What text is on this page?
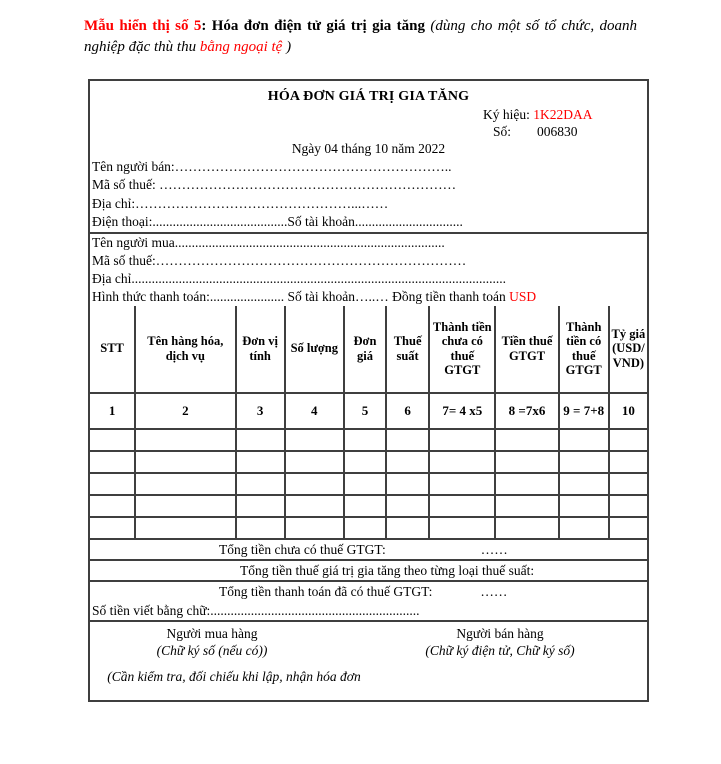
Mẫu hiển thị số 5: Hóa đơn điện tử giá trị gia tăng (dùng cho một số tổ chức, doanh nghiệp đặc thù thu bằng ngoại tệ )

HÓA ĐƠN GIÁ TRỊ GIA TĂNG
Ký hiệu: 1K22DAA
Số: 006830
Ngày 04 tháng 10 năm 2022
Tên người bán:……………………………………………………..
Mã số thuế: …………………………………………………………
Địa chỉ:…………………………………………...……
Điện thoại:........................................Số tài khoản................................
Tên người mua................................................................................
Mã số thuế:……………………………………………………………
Địa chỉ...............................................................................................................
Hình thức thanh toán:...................... Số tài khoản…..… Đồng tiền thanh toán USD
STT	Tên hàng hóa, dịch vụ	Đơn vị tính	Số lượng	Đơn giá	Thuế suất	Thành tiền chưa có thuế GTGT	Tiền thuế GTGT	Thành tiền có thuế GTGT	Tỷ giá (USD/ VND)
1	2	3	4	5	6	7= 4 x5	8 =7x6	9 = 7+8	10

Tổng tiền chưa có thuế GTGT:	……
Tổng tiền thuế giá trị gia tăng theo từng loại thuế suất:
Tổng tiền thanh toán đã có thuế GTGT:	……
Số tiền viết bằng chữ:..............................................................
Người mua hàng
(Chữ ký số (nếu có))
Người bán hàng
(Chữ ký điện tử, Chữ ký số)
(Cần kiểm tra, đối chiếu khi lập, nhận hóa đơn
